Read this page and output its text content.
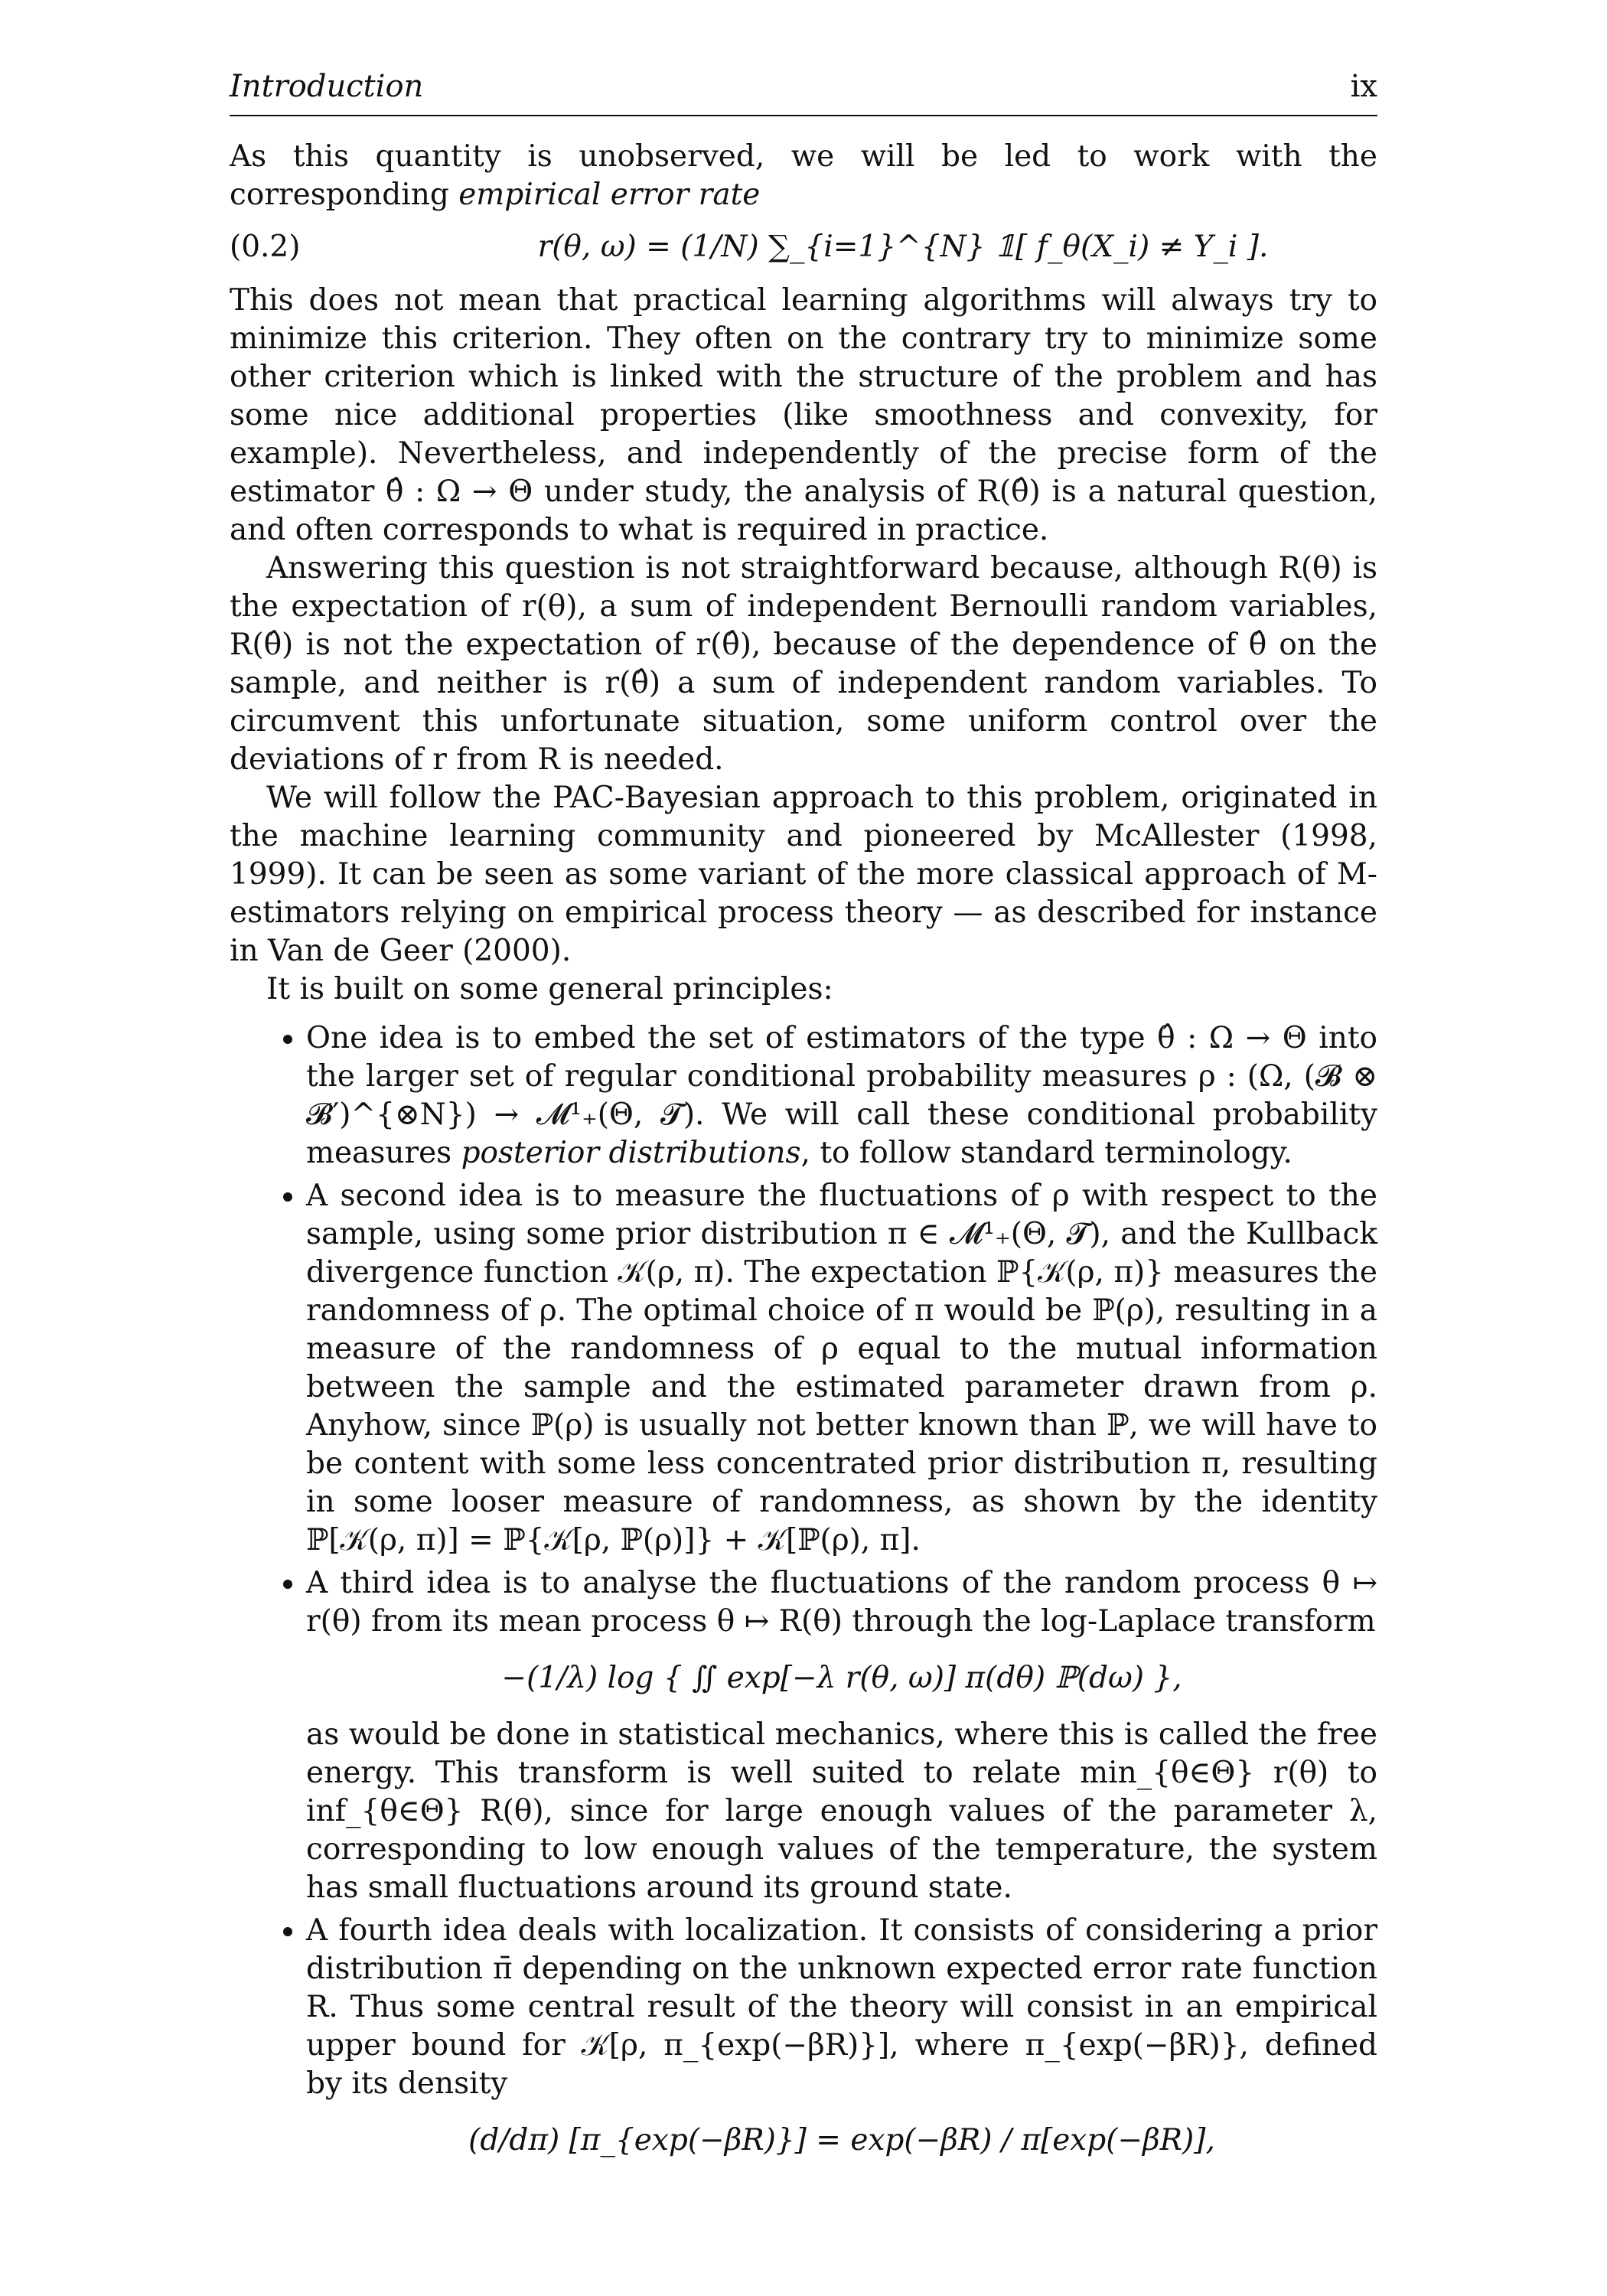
Introduction	ix

As this quantity is unobserved, we will be led to work with the corresponding empirical error rate

(0.2)	r(θ, ω) = (1/N) ∑_{i=1}^{N} 𝟙[ f_θ(X_i) ≠ Y_i ].

This does not mean that practical learning algorithms will always try to minimize this criterion. They often on the contrary try to minimize some other criterion which is linked with the structure of the problem and has some nice additional properties (like smoothness and convexity, for example). Nevertheless, and independently of the precise form of the estimator θ̂ : Ω → Θ under study, the analysis of R(θ̂) is a natural question, and often corresponds to what is required in practice.

Answering this question is not straightforward because, although R(θ) is the expectation of r(θ), a sum of independent Bernoulli random variables, R(θ̂) is not the expectation of r(θ̂), because of the dependence of θ̂ on the sample, and neither is r(θ̂) a sum of independent random variables. To circumvent this unfortunate situation, some uniform control over the deviations of r from R is needed.

We will follow the PAC-Bayesian approach to this problem, originated in the machine learning community and pioneered by McAllester (1998, 1999). It can be seen as some variant of the more classical approach of M-estimators relying on empirical process theory — as described for instance in Van de Geer (2000).

It is built on some general principles:

• One idea is to embed the set of estimators of the type θ̂ : Ω → Θ into the larger set of regular conditional probability measures ρ : (Ω, (𝓑 ⊗ 𝓑′)^{⊗N}) → 𝓜¹₊(Θ, 𝓣). We will call these conditional probability measures posterior distributions, to follow standard terminology.
• A second idea is to measure the fluctuations of ρ with respect to the sample, using some prior distribution π ∈ 𝓜¹₊(Θ, 𝓣), and the Kullback divergence function 𝒦(ρ, π). The expectation ℙ{𝒦(ρ, π)} measures the randomness of ρ. The optimal choice of π would be ℙ(ρ), resulting in a measure of the randomness of ρ equal to the mutual information between the sample and the estimated parameter drawn from ρ. Anyhow, since ℙ(ρ) is usually not better known than ℙ, we will have to be content with some less concentrated prior distribution π, resulting in some looser measure of randomness, as shown by the identity ℙ[𝒦(ρ, π)] = ℙ{𝒦[ρ, ℙ(ρ)]} + 𝒦[ℙ(ρ), π].
• A third idea is to analyse the fluctuations of the random process θ ↦ r(θ) from its mean process θ ↦ R(θ) through the log-Laplace transform
−(1/λ) log { ∬ exp[−λ r(θ, ω)] π(dθ) ℙ(dω) },
as would be done in statistical mechanics, where this is called the free energy. This transform is well suited to relate min_{θ∈Θ} r(θ) to inf_{θ∈Θ} R(θ), since for large enough values of the parameter λ, corresponding to low enough values of the temperature, the system has small fluctuations around its ground state.
• A fourth idea deals with localization. It consists of considering a prior distribution π̄ depending on the unknown expected error rate function R. Thus some central result of the theory will consist in an empirical upper bound for 𝒦[ρ, π_{exp(−βR)}], where π_{exp(−βR)}, defined by its density
(d/dπ) [π_{exp(−βR)}] = exp(−βR) / π[exp(−βR)],
